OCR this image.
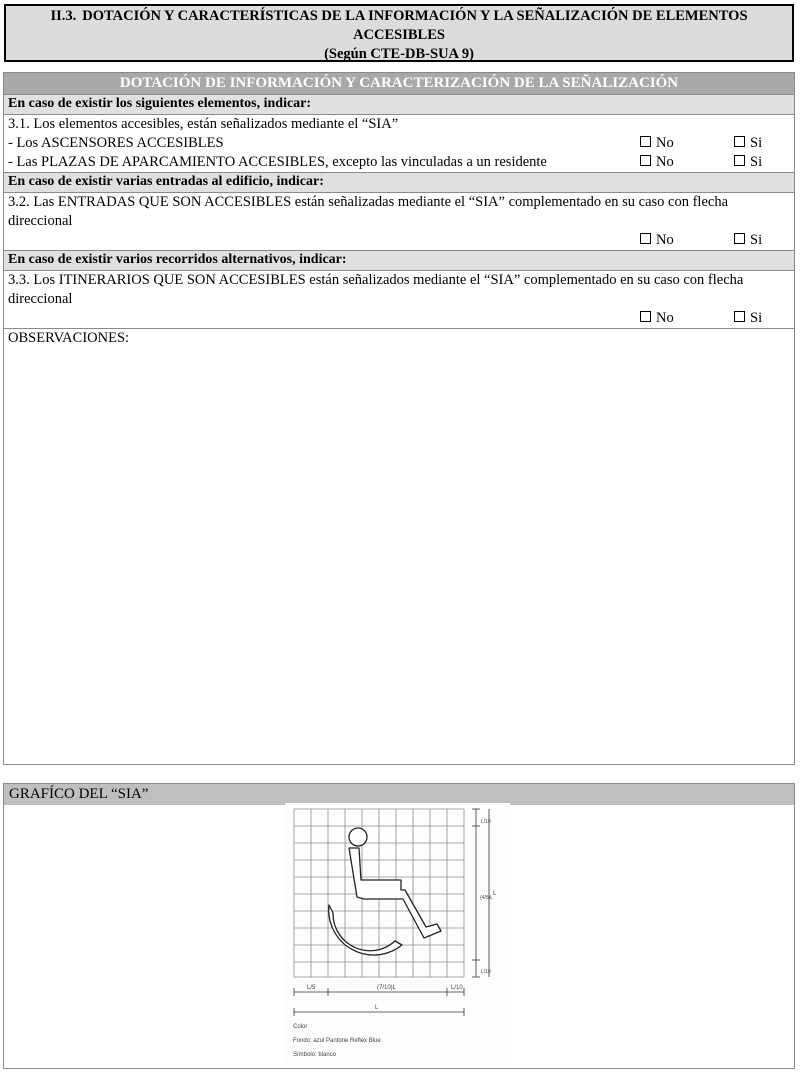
II.3. DOTACIÓN Y CARACTERÍSTICAS DE LA INFORMACIÓN Y LA SEÑALIZACIÓN DE ELEMENTOS
ACCESIBLES
(Según CTE-DB-SUA 9)
DOTACIÓN DE INFORMACIÓN Y CARACTERIZACIÓN DE LA SEÑALIZACIÓN
En caso de existir los siguientes elementos, indicar:
3.1. Los elementos accesibles, están señalizados mediante el “SIA”
- Los ASCENSORES ACCESIBLES	No	Si
- Las PLAZAS DE APARCAMIENTO ACCESIBLES, excepto las vinculadas a un residente	No	Si
En caso de existir varias entradas al edificio, indicar:
3.2. Las ENTRADAS QUE SON ACCESIBLES están señalizadas mediante el “SIA” complementado en su caso con flecha direccional
No	Si
En caso de existir varios recorridos alternativos, indicar:
3.3. Los ITINERARIOS QUE SON ACCESIBLES están señalizados mediante el “SIA” complementado en su caso con flecha direccional
No	Si
OBSERVACIONES:
GRAFÍCO DEL “SIA”
L/5	(7/10)L	L/10
L
L/10
(4/5)L
L/10
L
Color
Fondo: azul Pantone Reflex Blue
Símbolo: blanco
